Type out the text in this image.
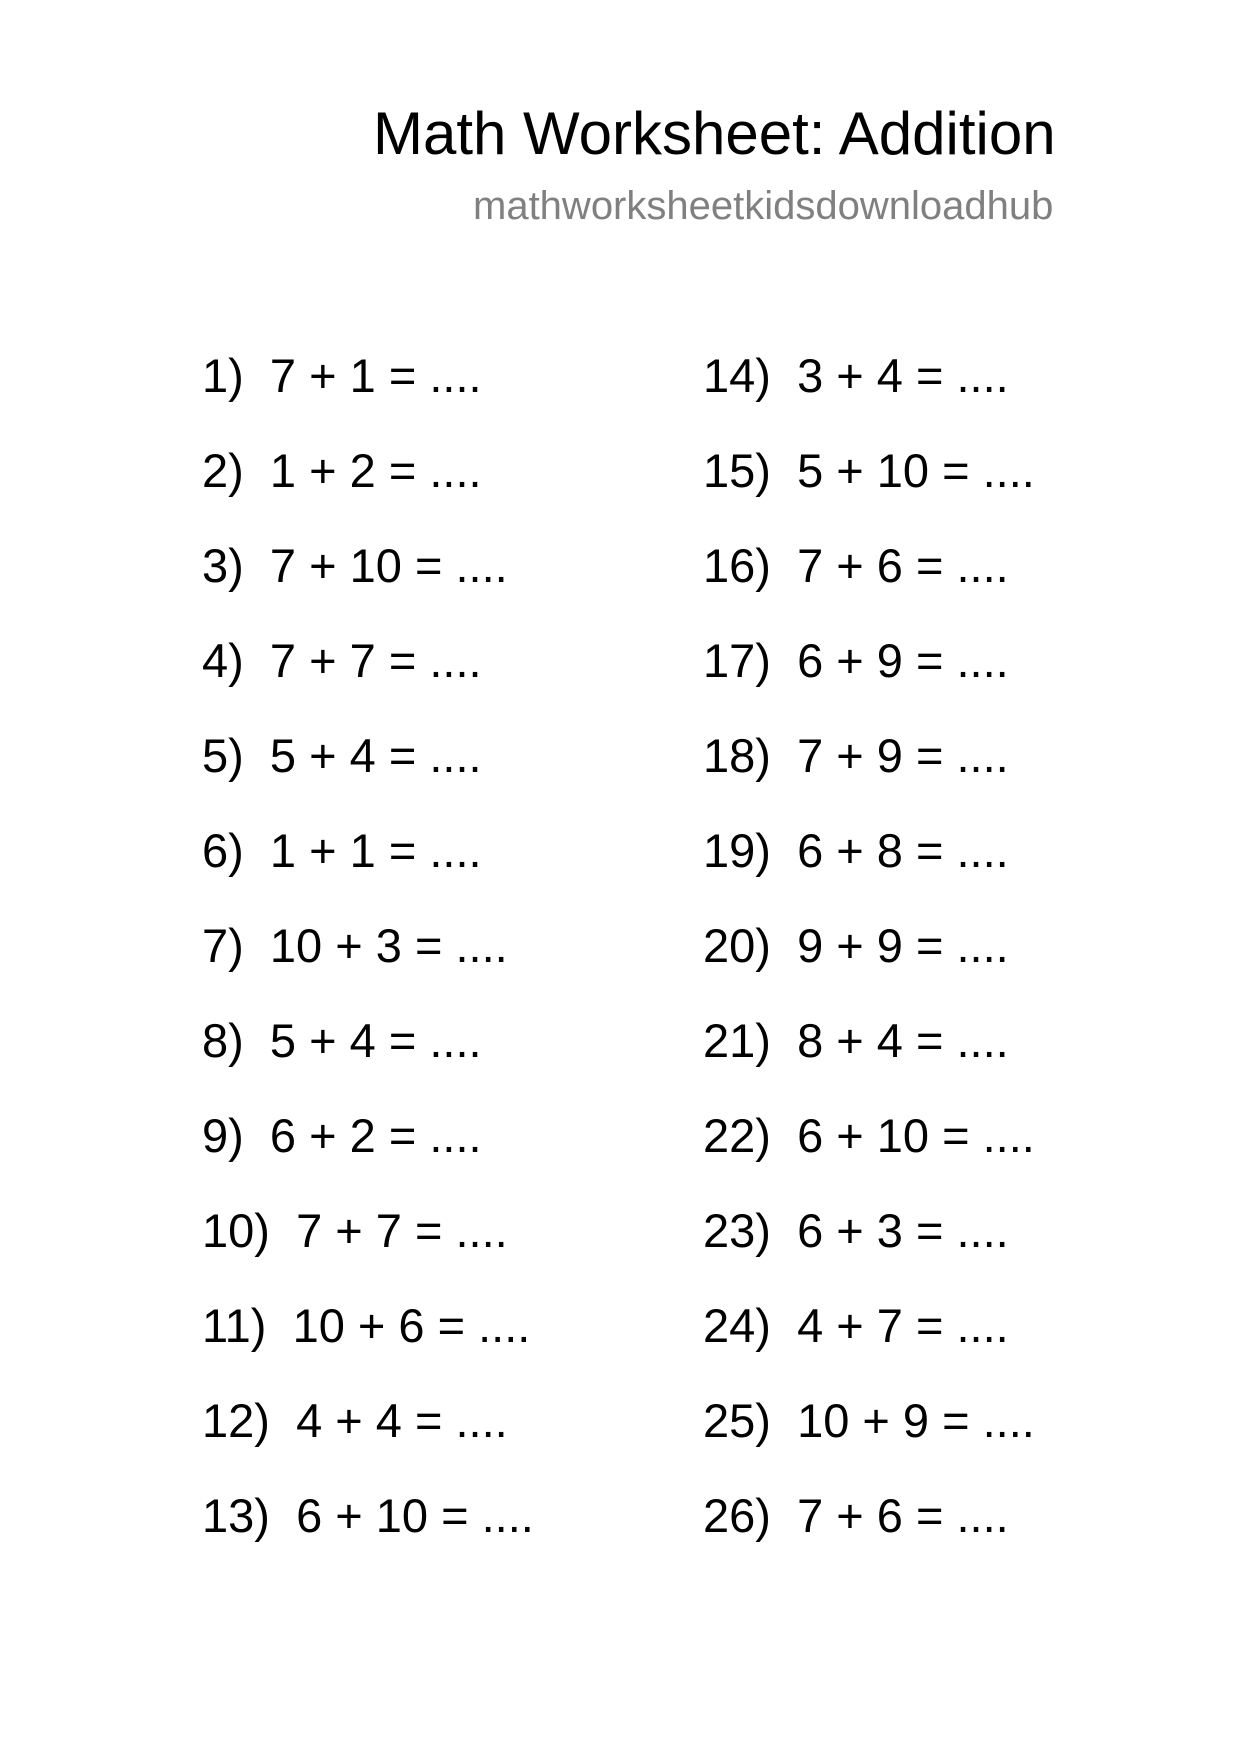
Math Worksheet: Addition
mathworksheetkidsdownloadhub
1) 7 + 1 = ....
2) 1 + 2 = ....
3) 7 + 10 = ....
4) 7 + 7 = ....
5) 5 + 4 = ....
6) 1 + 1 = ....
7) 10 + 3 = ....
8) 5 + 4 = ....
9) 6 + 2 = ....
10) 7 + 7 = ....
11) 10 + 6 = ....
12) 4 + 4 = ....
13) 6 + 10 = ....
14) 3 + 4 = ....
15) 5 + 10 = ....
16) 7 + 6 = ....
17) 6 + 9 = ....
18) 7 + 9 = ....
19) 6 + 8 = ....
20) 9 + 9 = ....
21) 8 + 4 = ....
22) 6 + 10 = ....
23) 6 + 3 = ....
24) 4 + 7 = ....
25) 10 + 9 = ....
26) 7 + 6 = ....
